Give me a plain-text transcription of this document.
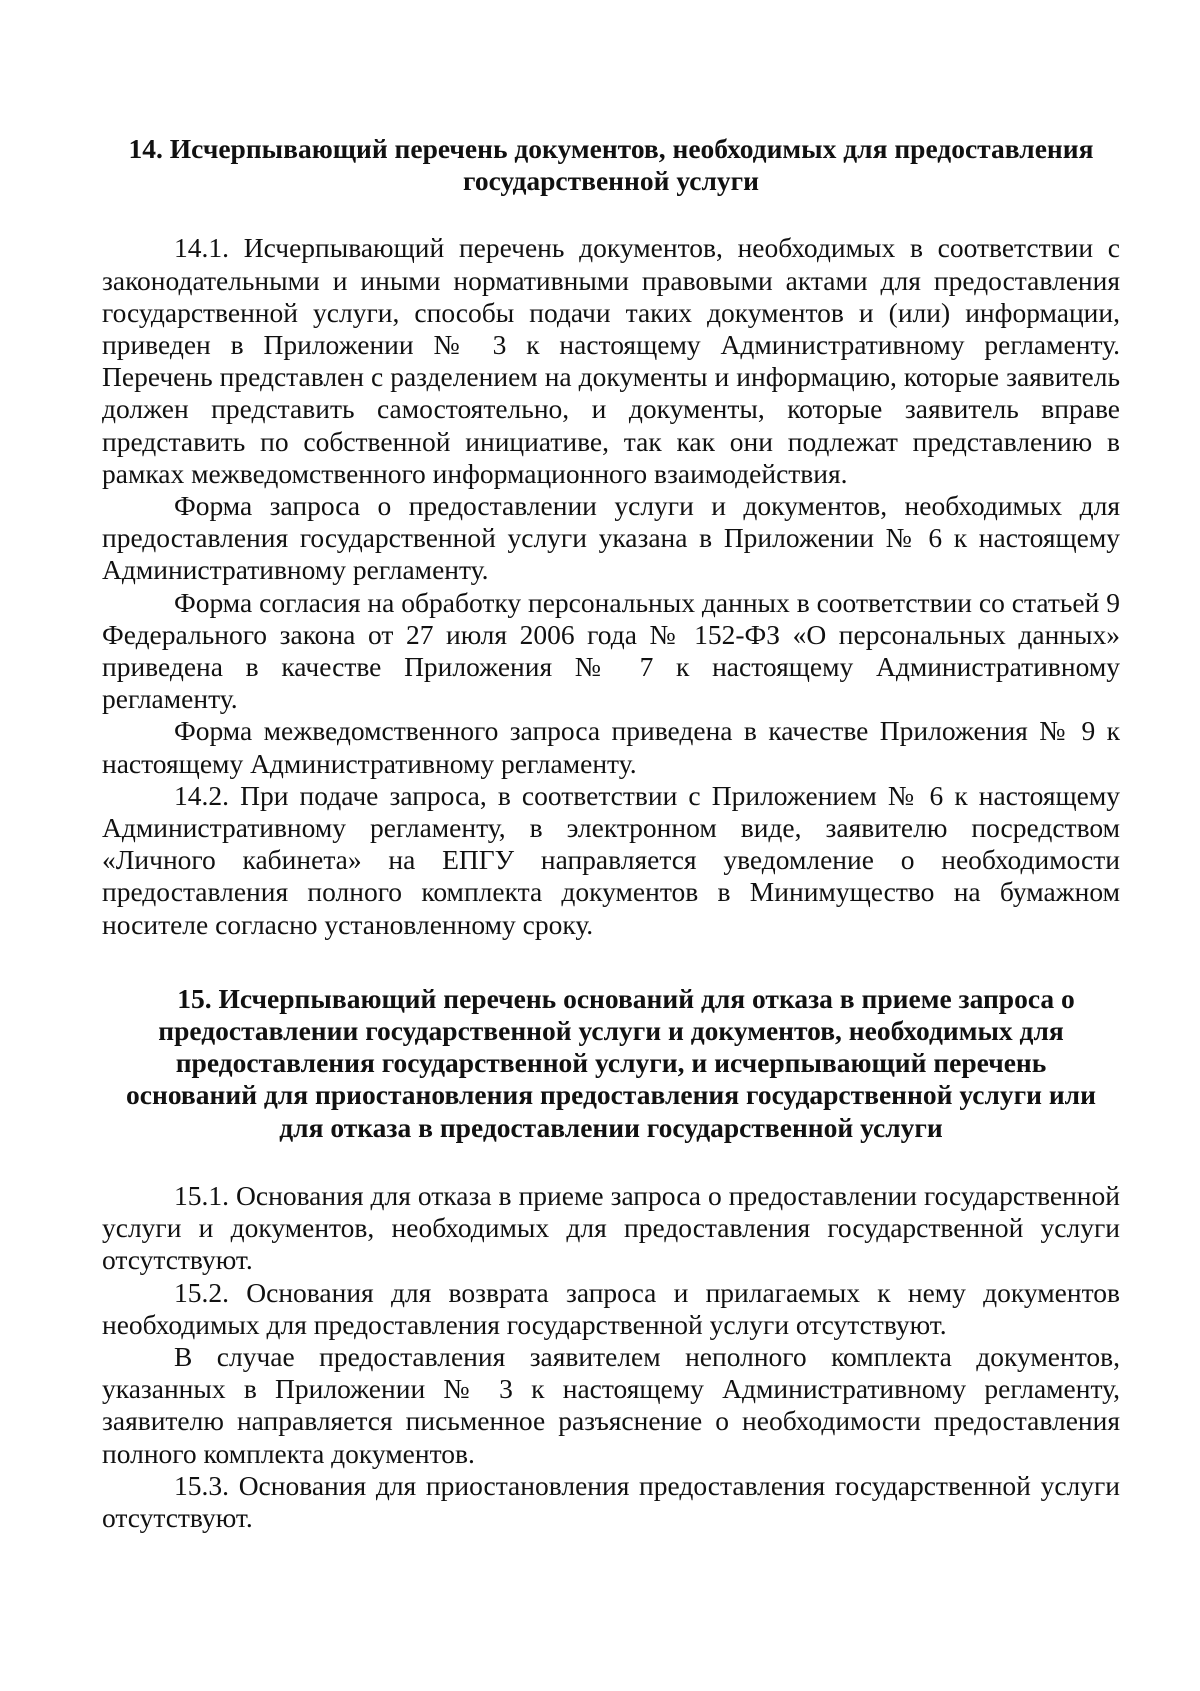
14. Исчерпывающий перечень документов, необходимых для предоставления государственной услуги

14.1. Исчерпывающий перечень документов, необходимых в соответствии с законодательными и иными нормативными правовыми актами для предоставления государственной услуги, способы подачи таких документов и (или) информации, приведен в Приложении № 3 к настоящему Административному регламенту. Перечень представлен с разделением на документы и информацию, которые заявитель должен представить самостоятельно, и документы, которые заявитель вправе представить по собственной инициативе, так как они подлежат представлению в рамках межведомственного информационного взаимодействия.

Форма запроса о предоставлении услуги и документов, необходимых для предоставления государственной услуги указана в Приложении № 6 к настоящему Административному регламенту.

Форма согласия на обработку персональных данных в соответствии со статьей 9 Федерального закона от 27 июля 2006 года № 152-ФЗ «О персональных данных» приведена в качестве Приложения № 7 к настоящему Административному регламенту.

Форма межведомственного запроса приведена в качестве Приложения № 9 к настоящему Административному регламенту.

14.2. При подаче запроса, в соответствии с Приложением № 6 к настоящему Административному регламенту, в электронном виде, заявителю посредством «Личного кабинета» на ЕПГУ направляется уведомление о необходимости предоставления полного комплекта документов в Минимущество на бумажном носителе согласно установленному сроку.

15. Исчерпывающий перечень оснований для отказа в приеме запроса о
предоставлении государственной услуги и документов, необходимых для
предоставления государственной услуги, и исчерпывающий перечень
оснований для приостановления предоставления государственной услуги или
для отказа в предоставлении государственной услуги

15.1. Основания для отказа в приеме запроса о предоставлении государственной услуги и документов, необходимых для предоставления государственной услуги отсутствуют.

15.2. Основания для возврата запроса и прилагаемых к нему документов необходимых для предоставления государственной услуги отсутствуют.

В случае предоставления заявителем неполного комплекта документов, указанных в Приложении № 3 к настоящему Административному регламенту, заявителю направляется письменное разъяснение о необходимости предоставления полного комплекта документов.

15.3. Основания для приостановления предоставления государственной услуги отсутствуют.
